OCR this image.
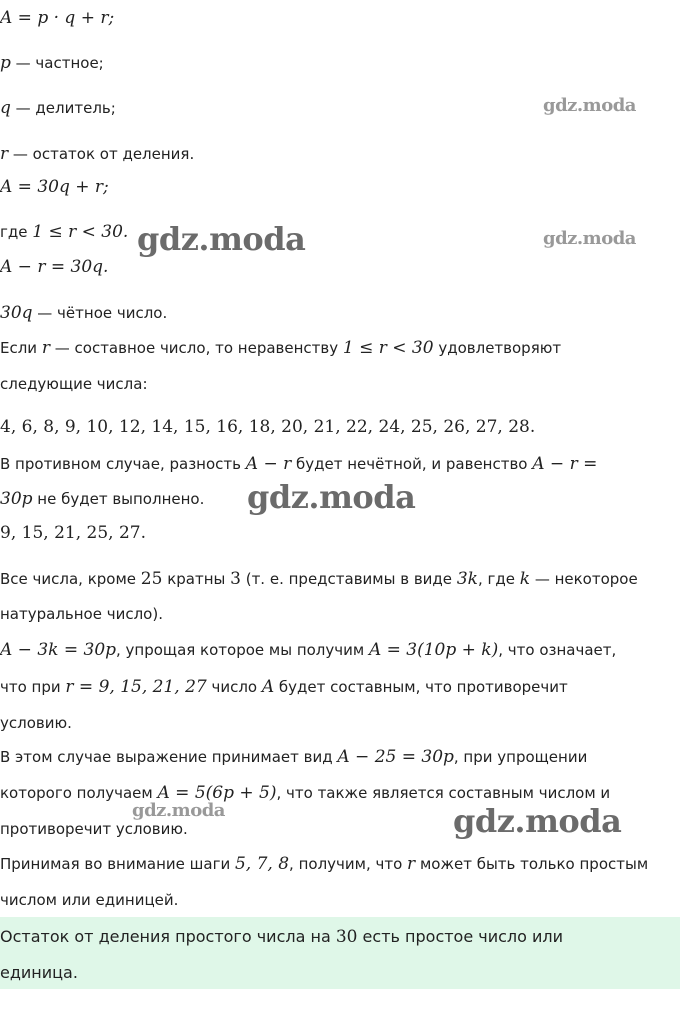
A = p · q + r;
p — частное;
q — делитель;
r — остаток от деления.
A = 30q + r;
где 1 ≤ r < 30.
A − r = 30q.
30q — чётное число.
Если r — составное число, то неравенству 1 ≤ r < 30 удовлетворяют
следующие числа:
4, 6, 8, 9, 10, 12, 14, 15, 16, 18, 20, 21, 22, 24, 25, 26, 27, 28.
В противном случае, разность A − r будет нечётной, и равенство A − r =
30p не будет выполнено.
9, 15, 21, 25, 27.
Все числа, кроме 25 кратны 3 (т. е. представимы в виде 3k, где k — некоторое
натуральное число).
A − 3k = 30p, упрощая которое мы получим A = 3(10p + k), что означает,
что при r = 9, 15, 21, 27 число A будет составным, что противоречит
условию.
В этом случае выражение принимает вид A − 25 = 30p, при упрощении
которого получаем A = 5(6p + 5), что также является составным числом и
противоречит условию.
Принимая во внимание шаги 5, 7, 8, получим, что r может быть только простым
числом или единицей.
Остаток от деления простого числа на 30 есть простое число или
единица.
gdz.moda
gdz.moda
gdz.moda
gdz.moda
gdz.moda	gdz.moda
